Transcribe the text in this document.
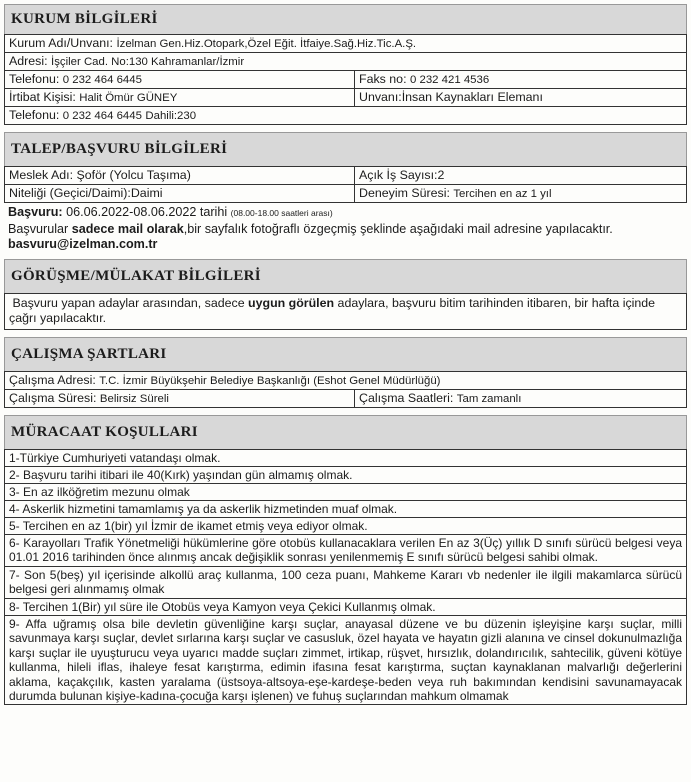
KURUM BİLGİLERİ
Kurum Adı/Unvanı: İzelman Gen.Hiz.Otopark,Özel Eğit. İtfaiye.Sağ.Hiz.Tic.A.Ş.	
Adresi: İşçiler Cad. No:130 Kahramanlar/İzmir	
Telefonu: 0 232 464 6445	Faks no: 0 232 421 4536
İrtibat Kişisi: Halit Ömür GÜNEY	Unvanı:İnsan Kaynakları Elemanı
Telefonu: 0 232 464 6445 Dahili:230	
TALEP/BAŞVURU BİLGİLERİ
Meslek Adı: Şoför (Yolcu Taşıma)	Açık İş Sayısı:2
Niteliği (Geçici/Daimi):Daimi	Deneyim Süresi: Tercihen en az 1 yıl
Başvuru: 06.06.2022-08.06.2022 tarihi (08.00-18.00 saatleri arası)
Başvurular sadece mail olarak,bir sayfalık fotoğraflı özgeçmiş şeklinde aşağıdaki mail adresine yapılacaktır.
basvuru@izelman.com.tr
GÖRÜŞME/MÜLAKAT BİLGİLERİ
Başvuru yapan adaylar arasından, sadece uygun görülen adaylara, başvuru bitim tarihinden itibaren, bir hafta içinde
çağrı yapılacaktır.
ÇALIŞMA ŞARTLARI
Çalışma Adresi: T.C. İzmir Büyükşehir Belediye Başkanlığı (Eshot Genel Müdürlüğü)
Çalışma Süresi: Belirsiz Süreli	Çalışma Saatleri: Tam zamanlı
MÜRACAAT KOŞULLARI
1-Türkiye Cumhuriyeti vatandaşı olmak.
2- Başvuru tarihi itibari ile 40(Kırk) yaşından gün almamış olmak.
3- En az ilköğretim mezunu olmak
4- Askerlik hizmetini tamamlamış ya da askerlik hizmetinden muaf olmak.
5- Tercihen en az 1(bir) yıl İzmir de ikamet etmiş veya ediyor olmak.
6- Karayolları Trafik Yönetmeliği hükümlerine göre otobüs kullanacaklara verilen En az 3(Üç) yıllık D sınıfı sürücü belgesi veya 01.01 2016 tarihinden önce alınmış ancak değişiklik sonrası yenilenmemiş E sınıfı sürücü belgesi sahibi olmak.
7- Son 5(beş) yıl içerisinde alkollü araç kullanma, 100 ceza puanı, Mahkeme Kararı vb nedenler ile ilgili makamlarca sürücü belgesi geri alınmamış olmak
8- Tercihen 1(Bir) yıl süre ile Otobüs veya Kamyon veya Çekici Kullanmış olmak.
9- Affa uğramış olsa bile devletin güvenliğine karşı suçlar, anayasal düzene ve bu düzenin işleyişine karşı suçlar, milli savunmaya karşı suçlar, devlet sırlarına karşı suçlar ve casusluk, özel hayata ve hayatın gizli alanına ve cinsel dokunulmazlığa karşı suçlar ile uyuşturucu veya uyarıcı madde suçları zimmet, irtikap, rüşvet, hırsızlık, dolandırıcılık, sahtecilik, güveni kötüye kullanma, hileli iflas, ihaleye fesat karıştırma, edimin ifasına fesat karıştırma, suçtan kaynaklanan malvarlığı değerlerini aklama, kaçakçılık, kasten yaralama (üstsoya-altsoya-eşe-kardeşe-beden veya ruh bakımından kendisini savunamayacak durumda bulunan kişiye-kadına-çocuğa karşı işlenen) ve fuhuş suçlarından mahkum olmamak
